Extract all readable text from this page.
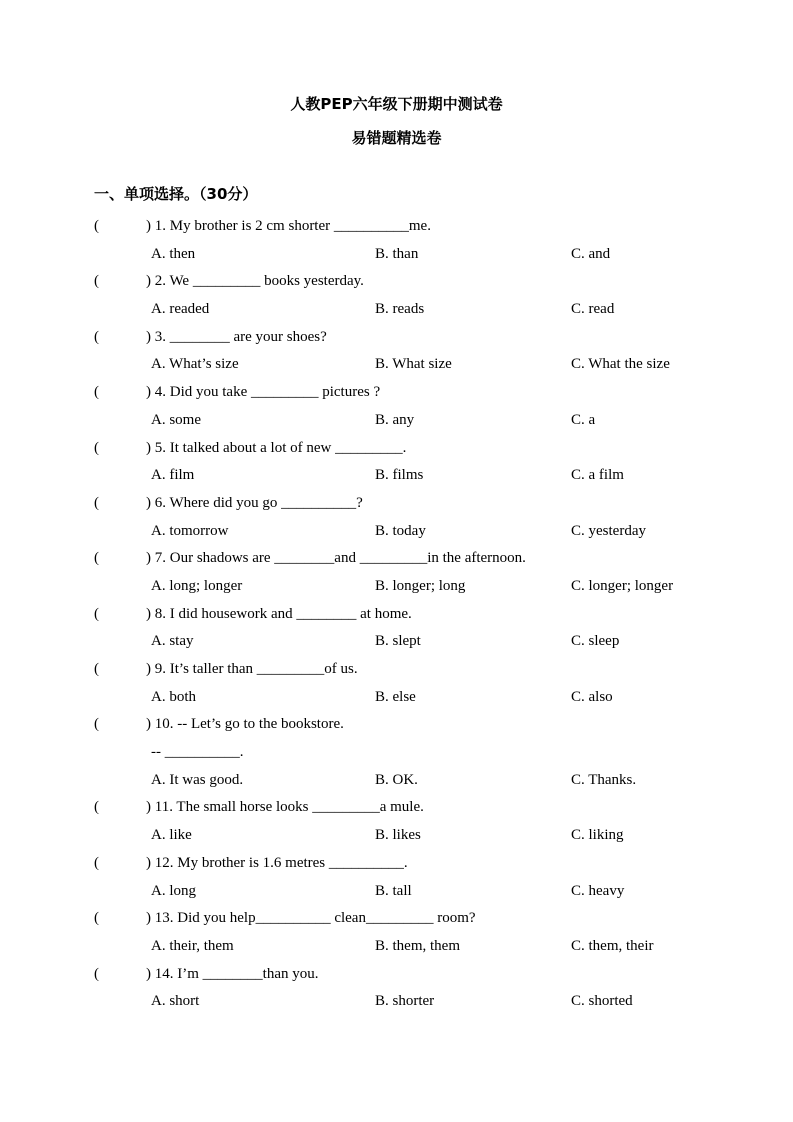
人教PEP六年级下册期中测试卷
易错题精选卷
一、单项选择。（30分）
(	) 1. My brother is 2 cm shorter __________me.
A. then	B. than	C. and
(	) 2. We _________ books yesterday.
A. readed	B. reads	C. read
(	) 3. ________ are your shoes?
A. What’s size	B. What size	C. What the size
(	) 4. Did you take _________ pictures ?
A. some	B. any	C. a
(	) 5. It talked about a lot of new _________.
A. film	B. films	C. a film
(	) 6. Where did you go __________?
A. tomorrow	B. today	C. yesterday
(	) 7. Our shadows are ________and _________in the afternoon.
A. long; longer	B. longer; long	C. longer; longer
(	) 8. I did housework and ________ at home.
A. stay	B. slept	C. sleep
(	) 9. It’s taller than _________of us.
A. both	B. else	C. also
(	) 10. -- Let’s go to the bookstore.
-- __________.
A. It was good.	B. OK.	C. Thanks.
(	) 11. The small horse looks _________a mule.
A. like	B. likes	C. liking
(	) 12. My brother is 1.6 metres __________.
A. long	B. tall	C. heavy
(	) 13. Did you help__________ clean_________ room?
A. their, them	B. them, them	C. them, their
(	) 14. I’m ________than you.
A. short	B. shorter	C. shorted
